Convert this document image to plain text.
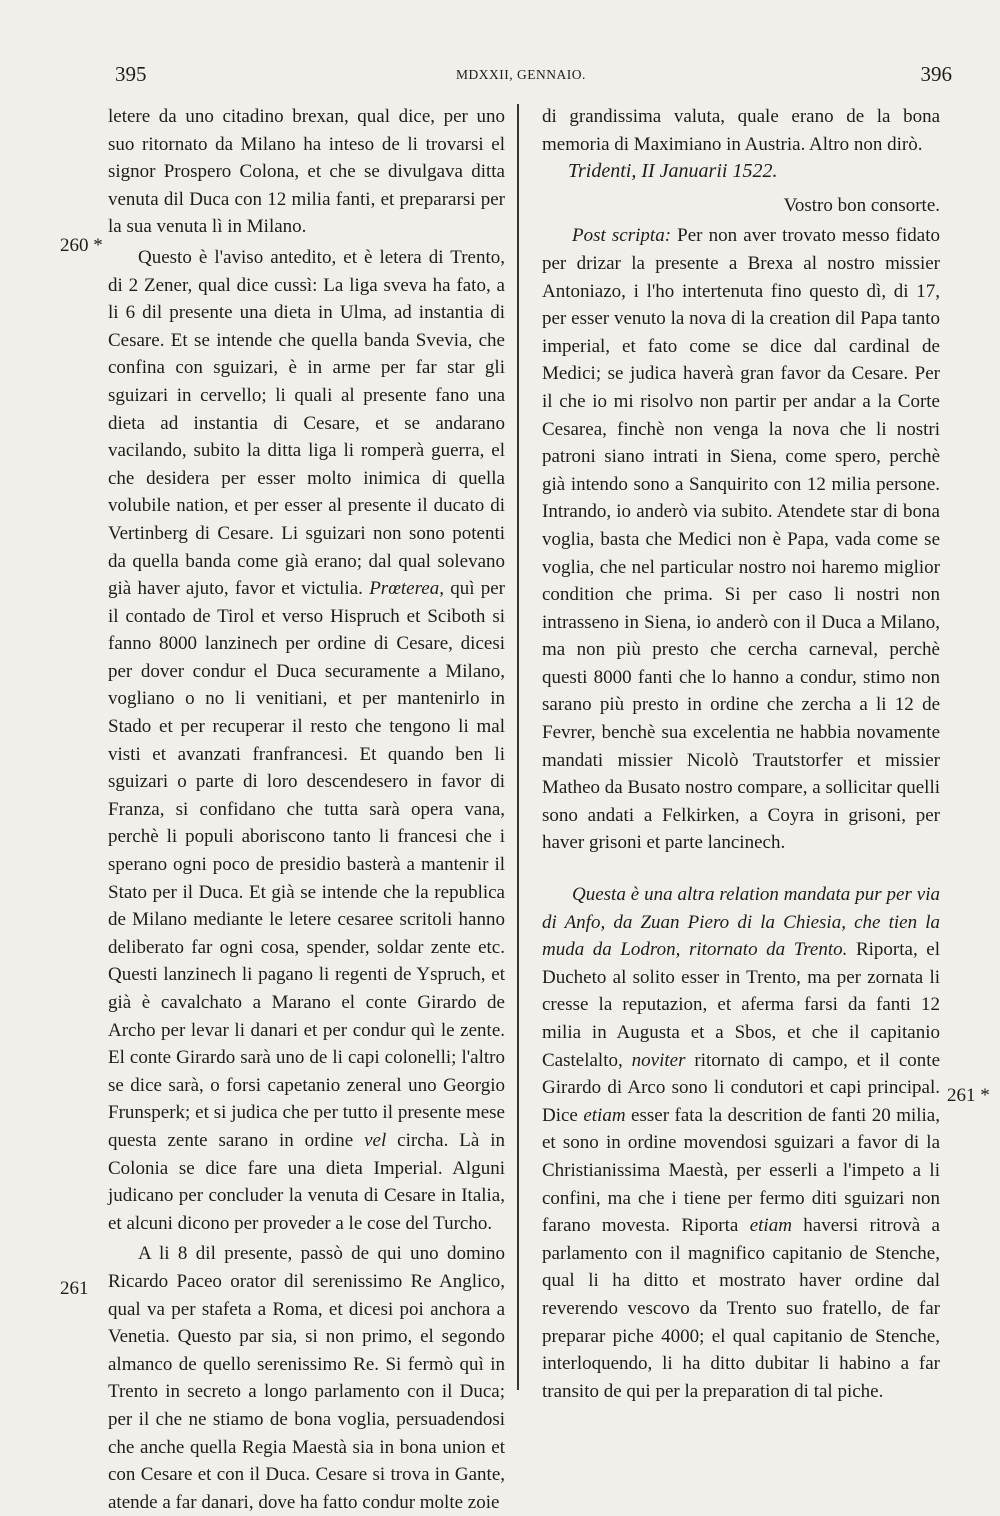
395	MDXXII, GENNAIO.	396
260 *
261
261 *

letere da uno citadino brexan, qual dice, per uno suo ritornato da Milano ha inteso de li trovarsi el signor Prospero Colona, et che se divulgava ditta venuta dil Duca con 12 milia fanti, et prepararsi per la sua venuta lì in Milano.

Questo è l'aviso antedito, et è letera di Trento, di 2 Zener, qual dice cussì: La liga sveva ha fato, a li 6 dil presente una dieta in Ulma, ad instantia di Cesare. Et se intende che quella banda Svevia, che confina con sguizari, è in arme per far star gli sguizari in cervello; li quali al presente fano una dieta ad instantia di Cesare, et se andarano vacilando, subito la ditta liga li romperà guerra, el che desidera per esser molto inimica di quella volubile nation, et per esser al presente il ducato di Vertinberg di Cesare. Li sguizari non sono potenti da quella banda come già erano; dal qual solevano già haver ajuto, favor et victulia. Prœterea, quì per il contado de Tirol et verso Hispruch et Sciboth si fanno 8000 lanzinech per ordine di Cesare, dicesi per dover condur el Duca securamente a Milano, vogliano o no li venitiani, et per mantenirlo in Stado et per recuperar il resto che tengono li mal visti et avanzati franfrancesi. Et quando ben li sguizari o parte di loro descendesero in favor di Franza, si confidano che tutta sarà opera vana, perchè li populi aboriscono tanto li francesi che i sperano ogni poco de presidio basterà a mantenir il Stato per il Duca. Et già se intende che la republica de Milano mediante le letere cesaree scritoli hanno deliberato far ogni cosa, spender, soldar zente etc. Questi lanzinech li pagano li regenti de Yspruch, et già è cavalchato a Marano el conte Girardo de Archo per levar li danari et per condur quì le zente. El conte Girardo sarà uno de li capi colonelli; l'altro se dice sarà, o forsi capetanio zeneral uno Georgio Frunsperk; et si judica che per tutto il presente mese questa zente sarano in ordine vel circha. Là in Colonia se dice fare una dieta Imperial. Alguni judicano per concluder la venuta di Cesare in Italia, et alcuni dicono per proveder a le cose del Turcho.

A li 8 dil presente, passò de qui uno domino Ricardo Paceo orator dil serenissimo Re Anglico, qual va per stafeta a Roma, et dicesi poi anchora a Venetia. Questo par sia, si non primo, el segondo almanco de quello serenissimo Re. Si fermò quì in Trento in secreto a longo parlamento con il Duca; per il che ne stiamo de bona voglia, persuadendosi che anche quella Regia Maestà sia in bona union et con Cesare et con il Duca. Cesare si trova in Gante, atende a far danari, dove ha fatto condur molte zoie

di grandissima valuta, quale erano de la bona memoria di Maximiano in Austria. Altro non dirò.

Tridenti, II Januarii 1522.

Vostro bon consorte.

Post scripta: Per non aver trovato messo fidato per drizar la presente a Brexa al nostro missier Antoniazo, i l'ho intertenuta fino questo dì, di 17, per esser venuto la nova di la creation dil Papa tanto imperial, et fato come se dice dal cardinal de Medici; se judica haverà gran favor da Cesare. Per il che io mi risolvo non partir per andar a la Corte Cesarea, finchè non venga la nova che li nostri patroni siano intrati in Siena, come spero, perchè già intendo sono a Sanquirito con 12 milia persone. Intrando, io anderò via subito. Atendete star di bona voglia, basta che Medici non è Papa, vada come se voglia, che nel particular nostro noi haremo miglior condition che prima. Si per caso li nostri non intrasseno in Siena, io anderò con il Duca a Milano, ma non più presto che cercha carneval, perchè questi 8000 fanti che lo hanno a condur, stimo non sarano più presto in ordine che zercha a li 12 de Fevrer, benchè sua excelentia ne habbia novamente mandati missier Nicolò Trautstorfer et missier Matheo da Busato nostro compare, a sollicitar quelli sono andati a Felkirken, a Coyra in grisoni, per haver grisoni et parte lancinech.

Questa è una altra relation mandata pur per via di Anfo, da Zuan Piero di la Chiesia, che tien la muda da Lodron, ritornato da Trento. Riporta, el Ducheto al solito esser in Trento, ma per zornata li cresse la reputazion, et aferma farsi da fanti 12 milia in Augusta et a Sbos, et che il capitanio Castelalto, noviter ritornato di campo, et il conte Girardo di Arco sono li condutori et capi principal. Dice etiam esser fata la descrition de fanti 20 milia, et sono in ordine movendosi sguizari a favor di la Christianissima Maestà, per esserli a l'impeto a li confini, ma che i tiene per fermo diti sguizari non farano movesta. Riporta etiam haversi ritrovà a parlamento con il magnifico capitanio de Stenche, qual li ha ditto et mostrato haver ordine dal reverendo vescovo da Trento suo fratello, de far preparar piche 4000; el qual capitanio de Stenche, interloquendo, li ha ditto dubitar li habino a far transito de qui per la preparation di tal piche.
